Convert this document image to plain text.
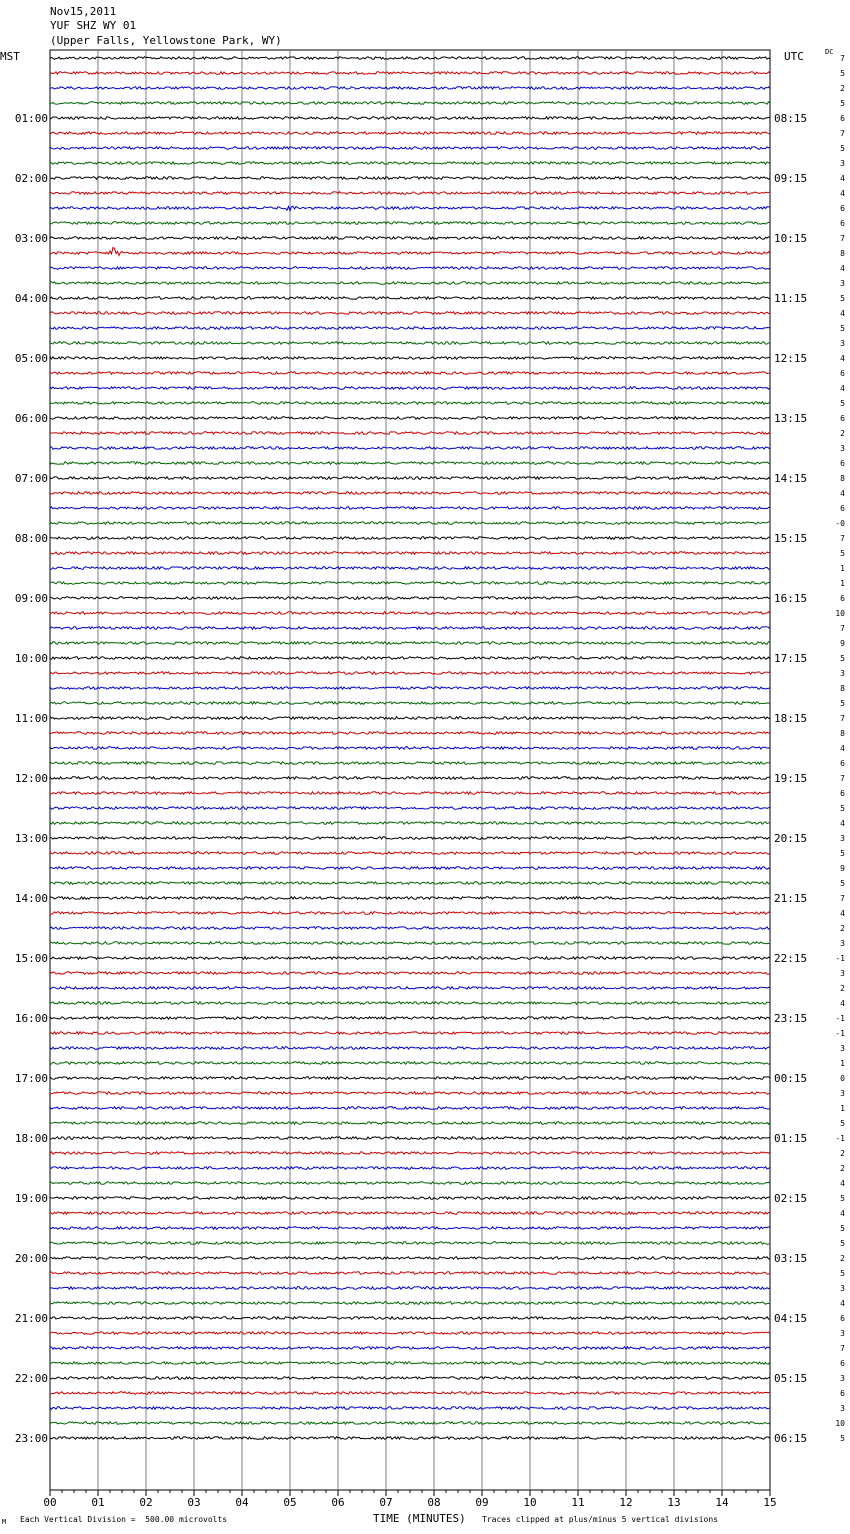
Nov15,2011
YUF SHZ WY 01
(Upper Falls, Yellowstone Park, WY)
MST	UTC	DC
00	01	02	03	04	05	06	07	08	09	10	11	12	13	14	15
7
5
2
5
6
7
5
3
4
4
6
6
7
8
4
3
5
4
5
3
4
6
4
5
6
2
3
6
8
4
6
-0
7
5
1
1
6
10
7
9
5
3
8
5
7
8
4
6
7
6
5
4
3
5
9
5
7
4
2
3
-1
3
2
4
-1
-1
3
1
0
3
1
5
-1
2
2
4
5
4
5
5
2
5
3
4
6
3
7
6
3
6
3
10
5
01:00	08:15
02:00	09:15
03:00	10:15
04:00	11:15
05:00	12:15
06:00	13:15
07:00	14:15
08:00	15:15
09:00	16:15
10:00	17:15
11:00	18:15
12:00	19:15
13:00	20:15
14:00	21:15
15:00	22:15
16:00	23:15
17:00	00:15
18:00	01:15
19:00	02:15
20:00	03:15
21:00	04:15
22:00	05:15
23:00	06:15
M Each Vertical Division =  500.00 microvolts	TIME (MINUTES) Traces clipped at plus/minus 5 vertical divisions
